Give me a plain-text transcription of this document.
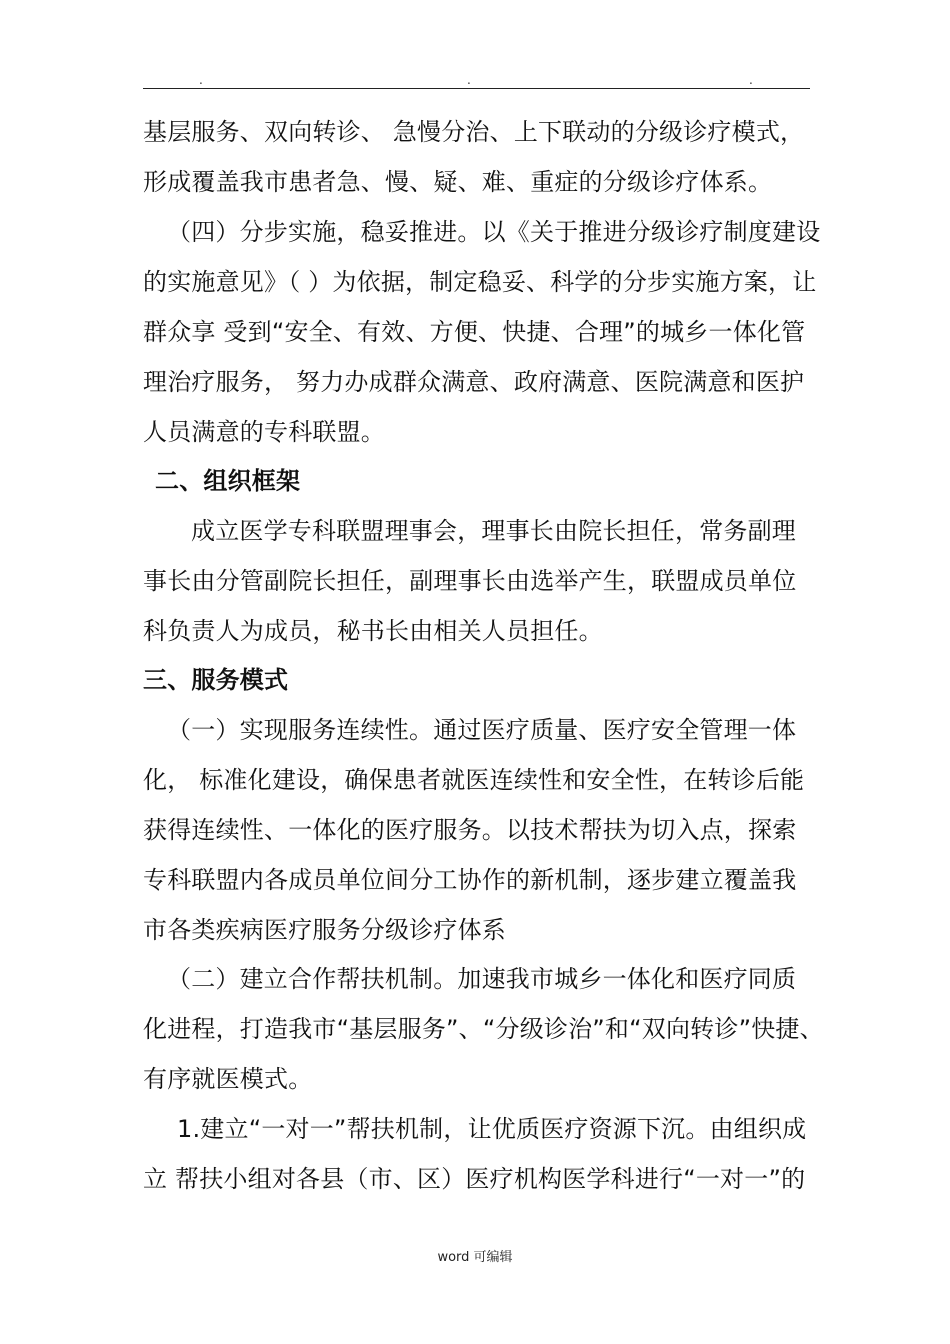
.	.	.
基层服务、双向转诊、 急慢分治、上下联动的分级诊疗模式，
形成覆盖我市患者急、慢、疑、难、重症的分级诊疗体系。
（四）分步实施，稳妥推进。以《关于推进分级诊疗制度建设
的实施意见》（ ）为依据，制定稳妥、科学的分步实施方案，让
群众享 受到“安全、有效、方便、快捷、合理”的城乡一体化管
理治疗服务， 努力办成群众满意、政府满意、医院满意和医护
人员满意的专科联盟。
二、组织框架
成立医学专科联盟理事会，理事长由院长担任，常务副理
事长由分管副院长担任，副理事长由选举产生，联盟成员单位
科负责人为成员，秘书长由相关人员担任。
三、服务模式
（一）实现服务连续性。通过医疗质量、医疗安全管理一体
化， 标准化建设，确保患者就医连续性和安全性，在转诊后能
获得连续性、一体化的医疗服务。以技术帮扶为切入点，探索
专科联盟内各成员单位间分工协作的新机制，逐步建立覆盖我
市各类疾病医疗服务分级诊疗体系
（二）建立合作帮扶机制。加速我市城乡一体化和医疗同质
化进程，打造我市“基层服务”、“分级诊治”和“双向转诊”快捷、
有序就医模式。
1.建立“一对一”帮扶机制，让优质医疗资源下沉。由组织成
立 帮扶小组对各县（市、区）医疗机构医学科进行“一对一”的
word 可编辑
